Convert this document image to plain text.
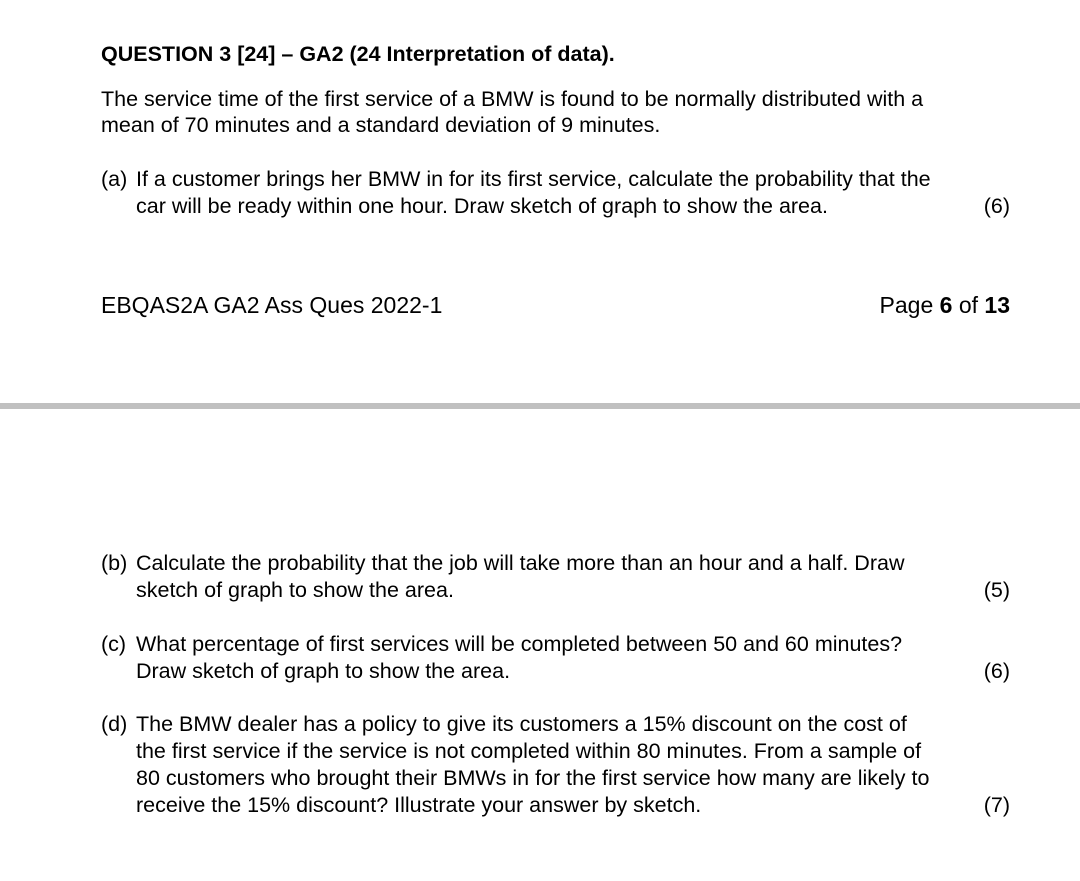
QUESTION 3 [24] – GA2 (24 Interpretation of data).
The service time of the first service of a BMW is found to be normally distributed with a
mean of 70 minutes and a standard deviation of 9 minutes.
(a) If a customer brings her BMW in for its first service, calculate the probability that the
car will be ready within one hour. Draw sketch of graph to show the area.	(6)
EBQAS2A GA2 Ass Ques 2022-1	Page 6 of 13
(b) Calculate the probability that the job will take more than an hour and a half. Draw
sketch of graph to show the area.	(5)
(c) What percentage of first services will be completed between 50 and 60 minutes?
Draw sketch of graph to show the area.	(6)
(d) The BMW dealer has a policy to give its customers a 15% discount on the cost of
the first service if the service is not completed within 80 minutes. From a sample of
80 customers who brought their BMWs in for the first service how many are likely to
receive the 15% discount? Illustrate your answer by sketch.	(7)
